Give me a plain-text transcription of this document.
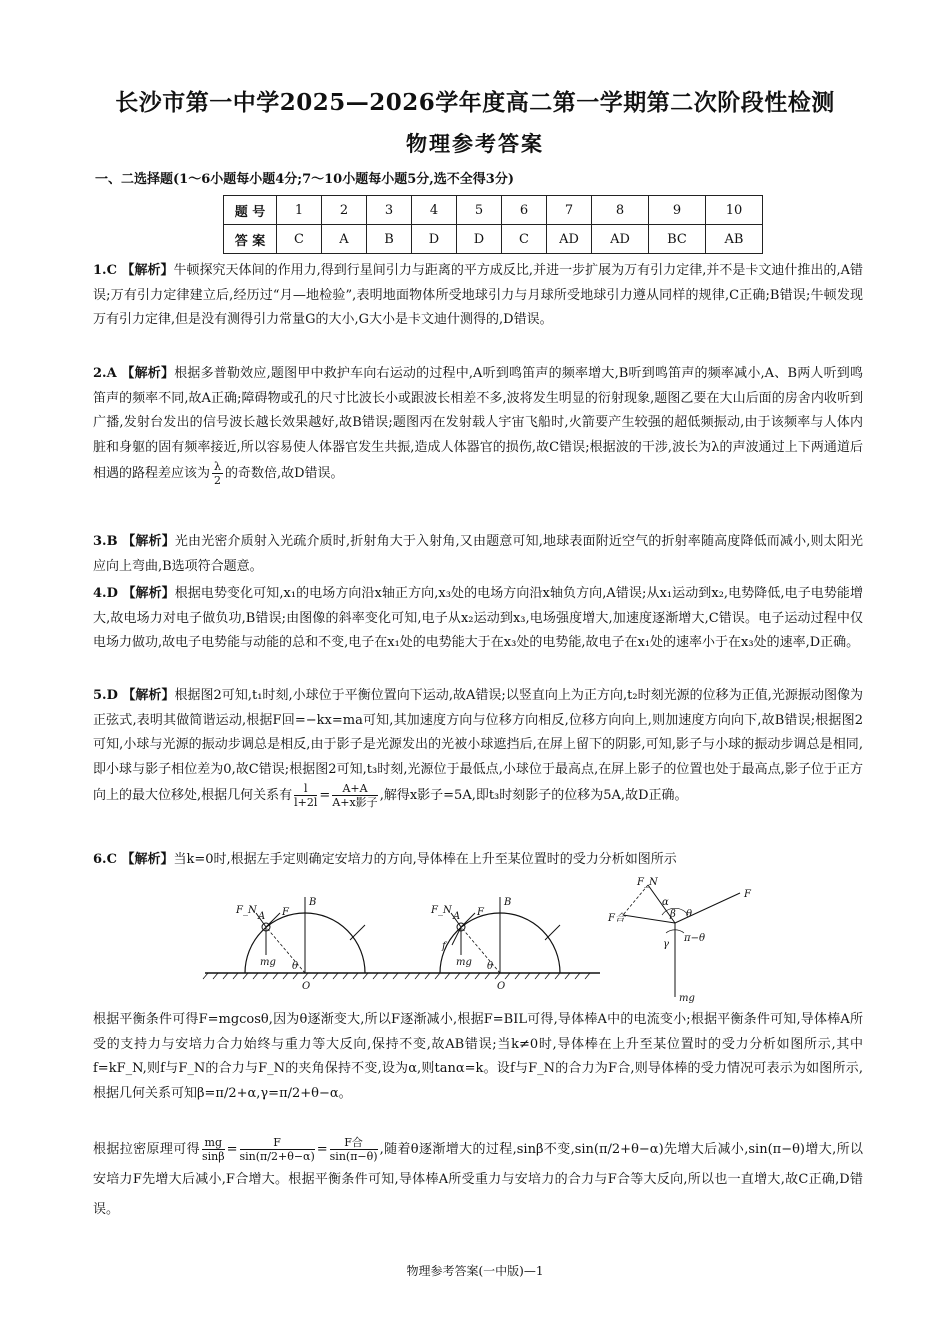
长沙市第一中学2025—2026学年度高二第一学期第二次阶段性检测
物理参考答案
一、二选择题(1～6小题每小题4分;7～10小题每小题5分,选不全得3分)
题 号	1	2	3	4	5	6	7	8	9	10
答 案	C	A	B	D	D	C	AD	AD	BC	AB

1.C 【解析】牛顿探究天体间的作用力,得到行星间引力与距离的平方成反比,并进一步扩展为万有引力定律,并不是卡文迪什推出的,A错误;万有引力定律建立后,经历过“月—地检验”,表明地面物体所受地球引力与月球所受地球引力遵从同样的规律,C正确;B错误;牛顿发现万有引力定律,但是没有测得引力常量G的大小,G大小是卡文迪什测得的,D错误。

2.A 【解析】根据多普勒效应,题图甲中救护车向右运动的过程中,A听到鸣笛声的频率增大,B听到鸣笛声的频率减小,A、B两人听到鸣笛声的频率不同,故A正确;障碍物或孔的尺寸比波长小或跟波长相差不多,波将发生明显的衍射现象,题图乙要在大山后面的房舍内收听到广播,发射台发出的信号波长越长效果越好,故B错误;题图丙在发射载人宇宙飞船时,火箭要产生较强的超低频振动,由于该频率与人体内脏和身躯的固有频率接近,所以容易使人体器官发生共振,造成人体器官的损伤,故C错误;根据波的干涉,波长为λ的声波通过上下两通道后相遇的路程差应该为 $\frac{\lambda}{2}$ 的奇数倍,故D错误。

3.B 【解析】光由光密介质射入光疏介质时,折射角大于入射角,又由题意可知,地球表面附近空气的折射率随高度降低而减小,则太阳光应向上弯曲,B选项符合题意。

4.D 【解析】根据电势变化可知,x₁的电场方向沿x轴正方向,x₃处的电场方向沿x轴负方向,A错误;从x₁运动到x₂,电势降低,电子电势能增大,故电场力对电子做负功,B错误;由图像的斜率变化可知,电子从x₂运动到x₃,电场强度增大,加速度逐渐增大,C错误。电子运动过程中仅电场力做功,故电子电势能与动能的总和不变,电子在x₁处的电势能大于在x₃处的电势能,故电子在x₁处的速率小于在x₃处的速率,D正确。

5.D 【解析】根据图2可知,t₁时刻,小球位于平衡位置向下运动,故A错误;以竖直向上为正方向,t₂时刻光源的位移为正值,光源振动图像为正弦式,表明其做简谐运动,根据F回=−kx=ma可知,其加速度方向与位移方向相反,位移方向向上,则加速度方向向下,故B错误;根据图2可知,小球与光源的振动步调总是相反,由于影子是光源发出的光被小球遮挡后,在屏上留下的阴影,可知,影子与小球的振动步调总是相同,即小球与影子相位差为0,故C错误;根据图2可知,t₃时刻,光源位于最低点,小球位于最高点,在屏上影子的位置也处于最高点,影子位于正方向上的最大位移处,根据几何关系有 $\frac{l}{l+2l} = \frac{A+A}{\text{A+x影子}}$ ,解得x影子=5A,即t₃时刻影子的位移为5A,故D正确。

6.C 【解析】当k=0时,根据左手定则确定安培力的方向,导体棒在上升至某位置时的受力分析如图所示

F_N
A F
B
mg θ
O
F_N
A F
B
f
mg θ
O
F_N
F合
F
α
β θ
γ
π−θ
mg

根据平衡条件可得F=mgcosθ,因为θ逐渐变大,所以F逐渐减小,根据F=BIL可得,导体棒A中的电流变小;根据平衡条件可知,导体棒A所受的支持力与安培力合力始终与重力等大反向,保持不变,故AB错误;当k≠0时,导体棒在上升至某位置时的受力分析如图所示,其中f=kF_N,则f与F_N的合力与F_N的夹角保持不变,设为α,则tanα=k。设f与F_N的合力为F合,则导体棒的受力情况可表示为如图所示,根据几何关系可知β=π/2+α,γ=π/2+θ−α。

根据拉密原理可得 $\frac{mg}{\sin\beta} = \frac{F}{\sin(\pi/2+\theta-\alpha)} = \frac{\text{F合}}{\sin(\pi-\theta)}$ ,随着θ逐渐增大的过程,sinβ不变,sin(π/2+θ−α)先增大后减小,sin(π−θ)增大,所以安培力F先增大后减小,F合增大。根据平衡条件可知,导体棒A所受重力与安培力的合力与F合等大反向,所以也一直增大,故C正确,D错误。

物理参考答案(一中版)—1
